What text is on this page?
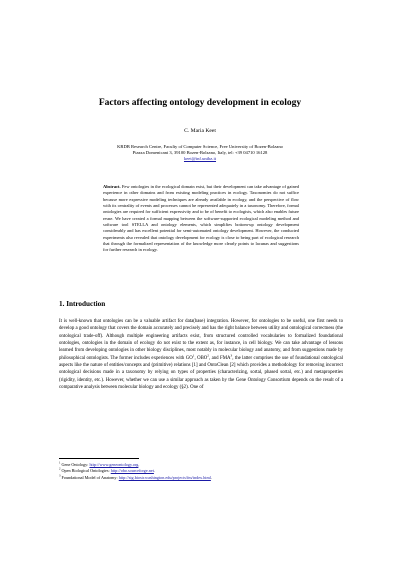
Factors affecting ontology development in ecology
C. Maria Keet
KRDB Research Centre, Faculty of Computer Science, Free University of Bozen-Bolzano
Piazza Domenicani 3, 39100 Bozen-Bolzano, Italy, tel: +39 04710 16128
keet@inf.unibz.it
Abstract. Few ontologies in the ecological domain exist, but their development can take advantage of gained experience in other domains and from existing modeling practices in ecology. Taxonomies do not suffice because more expressive modeling techniques are already available in ecology, and the perspective of flow with its centrality of events and processes cannot be represented adequately in a taxonomy. Therefore, formal ontologies are required for sufficient expressivity and to be of benefit to ecologists, which also enables future reuse. We have created a formal mapping between the software-supported ecological modeling method and software tool STELLA and ontology elements, which simplifies bottom-up ontology development considerably and has excellent potential for semi-automated ontology development. However, the conducted experiments also revealed that ontology development for ecology is close to being part of ecological research that through the formalized representation of the knowledge more clearly points to lacunas and suggestions for further research in ecology.
1. Introduction
It is well-known that ontologies can be a valuable artifact for data(base) integration. However, for ontologies to be useful, one first needs to develop a good ontology that covers the domain accurately and precisely and has the right balance between utility and ontological correctness (the ontological trade-off). Although multiple engineering artifacts exist, from structured controlled vocabularies to formalized foundational ontologies, ontologies in the domain of ecology do not exist to the extent as, for instance, in cell biology. We can take advantage of lessons learned from developing ontologies in other biology disciplines, most notably in molecular biology and anatomy, and from suggestions made by philosophical ontologists. The former includes experiences with $GO^1$, OBO$^2$, and FMA$^3$, the latter comprises the use of foundational ontological aspects like the nature of entities/concepts and (primitive) relations [1] and OntoClean [2] which provides a methodology for removing incorrect ontological decisions made in a taxonomy by relying on types of properties (characterizing, sortal, phased sortal, etc.) and metaproperties (rigidity, identity, etc.). However, whether we can use a similar approach as taken by the Gene Ontology Consortium depends on the result of a comparative analysis between molecular biology and ecology (§2). One of
$^1$ Gene Ontology: http://www.geneontology.org.
$^2$ Open Biological Ontologies: http://obo.sourceforge.net.
$^3$ Foundational Model of Anatomy: http://sig.biostr.washington.edu/projects/fm/index.html.
